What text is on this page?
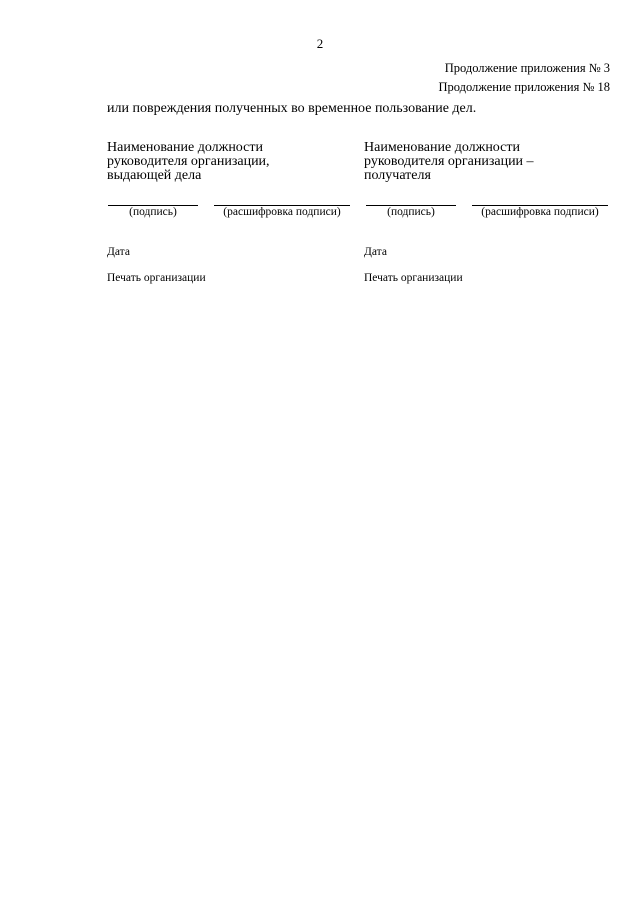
2
Продолжение приложения № 3
Продолжение приложения № 18
или повреждения полученных во временное пользование дел.
Наименование должности
руководителя организации,
выдающей дела
(подпись)	(расшифровка подписи)
Дата
Печать организации
Наименование должности
руководителя организации –
получателя
(подпись)	(расшифровка подписи)
Дата
Печать организации
